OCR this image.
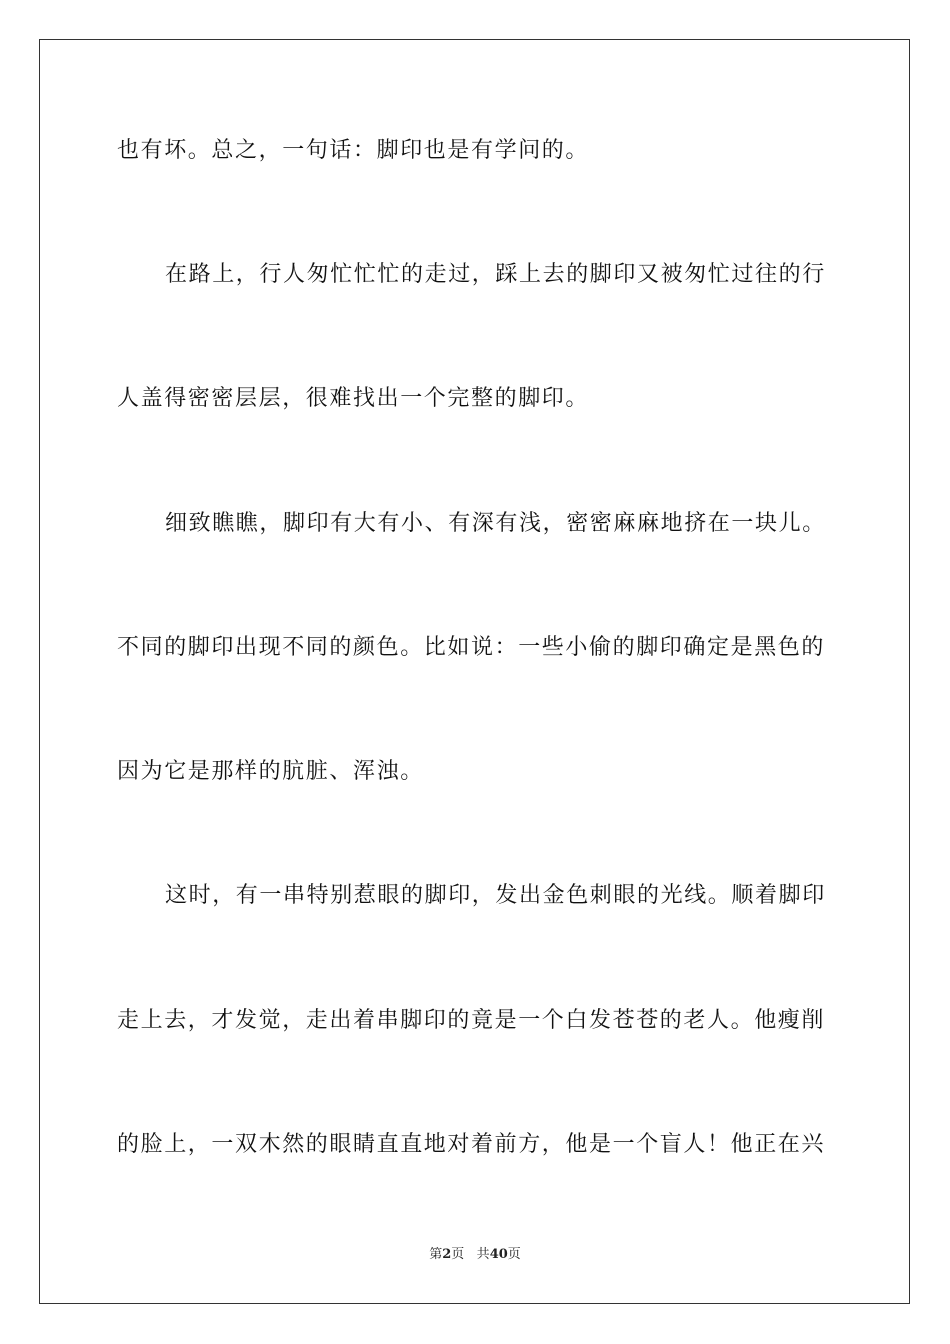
也有坏。总之，一句话：脚印也是有学问的。
在路上，行人匆忙忙忙的走过，踩上去的脚印又被匆忙过往的行
人盖得密密层层，很难找出一个完整的脚印。
细致瞧瞧，脚印有大有小、有深有浅，密密麻麻地挤在一块儿。
不同的脚印出现不同的颜色。比如说：一些小偷的脚印确定是黑色的
因为它是那样的肮脏、浑浊。
这时，有一串特别惹眼的脚印，发出金色刺眼的光线。顺着脚印
走上去，才发觉，走出着串脚印的竟是一个白发苍苍的老人。他瘦削
的脸上，一双木然的眼睛直直地对着前方，他是一个盲人！他正在兴
第2页 共40页
